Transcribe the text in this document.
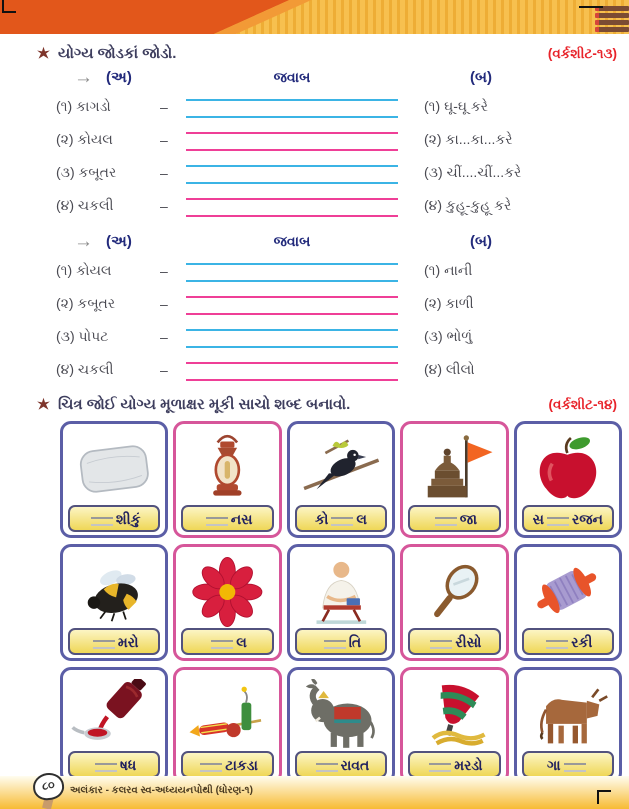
યોગ્ય જોડકાં જોડો.	(વર્કશીટ-૧૩)
→ (અ)	જવાબ	(બ)
(૧) કાગડો	–	(૧) ઘૂ-ઘૂ કરે
(૨) કોયલ	–	(૨) કા...કા...કરે
(૩) કબૂતર	–	(૩) ચીં....ચીં...કરે
(૪) ચકલી	–	(૪) કુહૂ-કુહૂ કરે
→ (અ)	જવાબ	(બ)
(૧) કોયલ	–	(૧) નાની
(૨) કબૂતર	–	(૨) કાળી
(૩) પોપટ	–	(૩) ભોળું
(૪) ચકલી	–	(૪) લીલો
ચિત્ર જોઈ યોગ્ય મૂળાક્ષર મૂકી સાચો શબ્દ બનાવો.	(વર્કશીટ-૧૪)
શીકું	નસ	કો લ	જા	સ રજન
મરો	લ	તિ	રીસો	રકી
ષધ	ટાકડા	રાવત	મરડો	ગા
૮૦	અલંકાર - કલરવ સ્વ-અધ્યયનપોથી (ધોરણ-૧)
